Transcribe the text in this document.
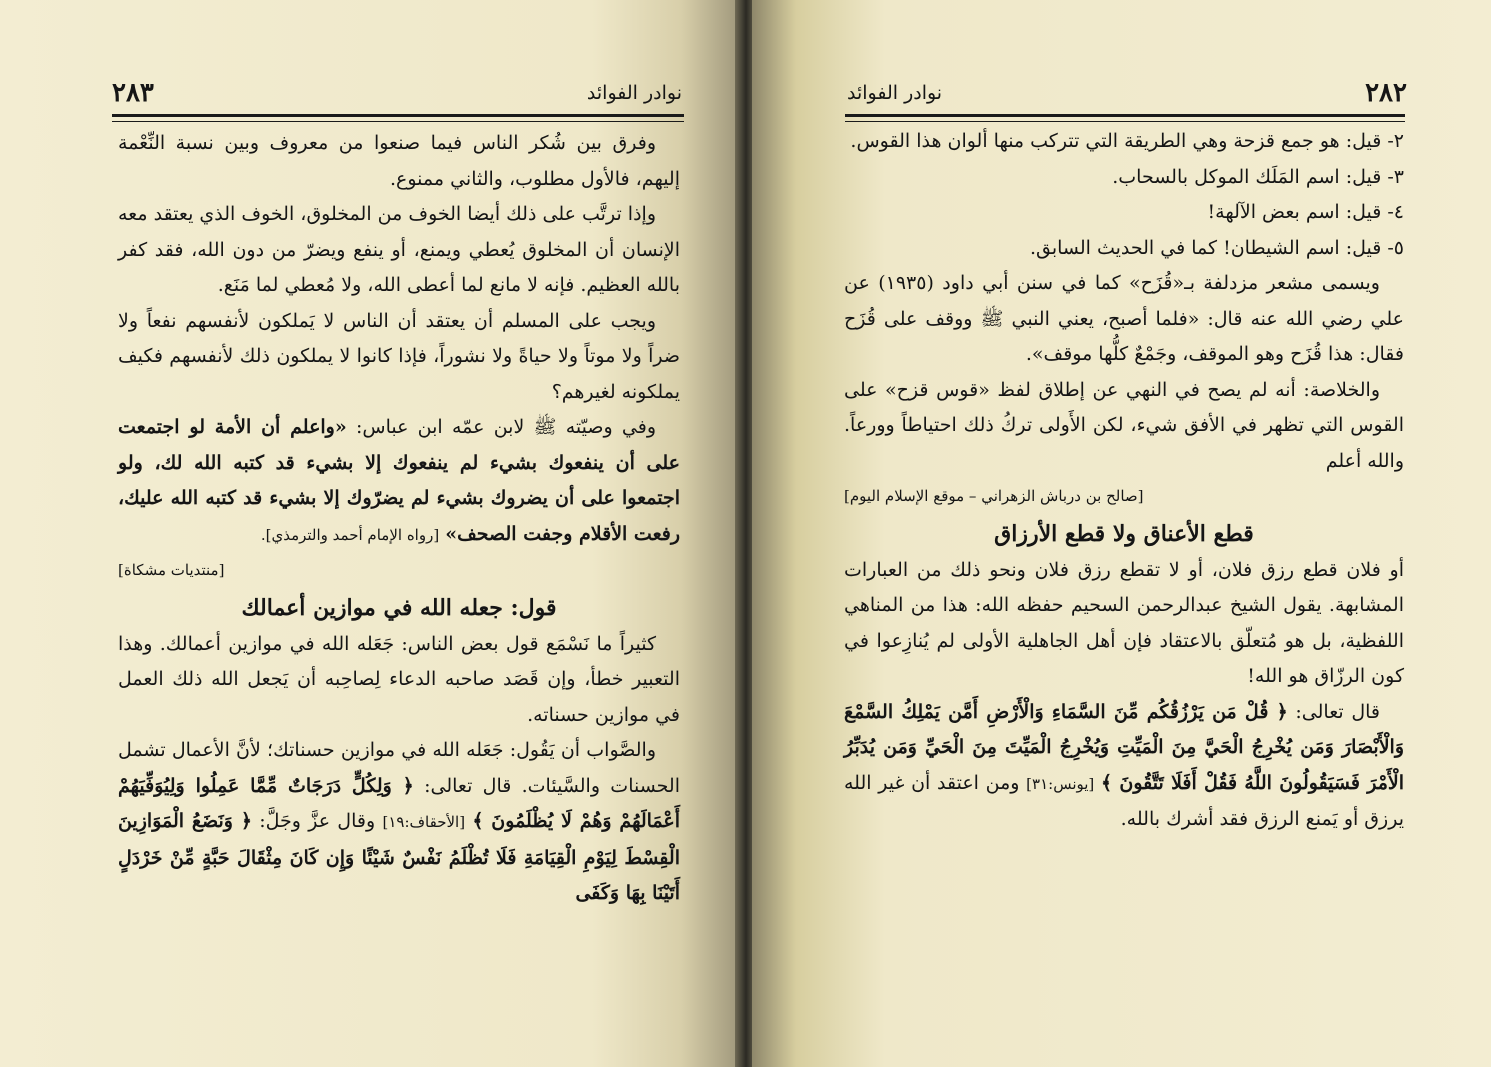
٢٨٣	نوادر الفوائد

وفرق بين شُكر الناس فيما صنعوا من معروف وبين نسبة النِّعْمة إليهم، فالأول مطلوب، والثاني ممنوع.

وإذا ترتَّب على ذلك أيضا الخوف من المخلوق، الخوف الذي يعتقد معه الإنسان أن المخلوق يُعطي ويمنع، أو ينفع ويضرّ من دون الله، فقد كفر بالله العظيم. فإنه لا مانع لما أعطى الله، ولا مُعطي لما مَنَع.

ويجب على المسلم أن يعتقد أن الناس لا يَملكون لأنفسهم نفعاً ولا ضراً ولا موتاً ولا حياةً ولا نشوراً، فإذا كانوا لا يملكون ذلك لأنفسهم فكيف يملكونه لغيرهم؟

وفي وصيّته ﷺ لابن عمّه ابن عباس: «واعلم أن الأمة لو اجتمعت على أن ينفعوك بشيء لم ينفعوك إلا بشيء قد كتبه الله لك، ولو اجتمعوا على أن يضروك بشيء لم يضرّوك إلا بشيء قد كتبه الله عليك، رفعت الأقلام وجفت الصحف» [رواه الإمام أحمد والترمذي].

[منتديات مشكاة]

قول: جعله الله في موازين أعمالك

كثيراً ما نَسْمَع قول بعض الناس: جَعَله الله في موازين أعمالك. وهذا التعبير خطأ، وإن قَصَد صاحبه الدعاء لِصاحِبه أن يَجعل الله ذلك العمل في موازين حسناته.

والصَّواب أن يَقُول: جَعَله الله في موازين حسناتك؛ لأنَّ الأعمال تشمل الحسنات والسَّيئات. قال تعالى: ﴿ وَلِكُلٍّ دَرَجَاتٌ مِّمَّا عَمِلُوا وَلِيُوَفِّيَهُمْ أَعْمَالَهُمْ وَهُمْ لَا يُظْلَمُونَ ﴾ [الأحقاف:١٩] وقال عزَّ وجَلَّ: ﴿ وَنَضَعُ الْمَوَازِينَ الْقِسْطَ لِيَوْمِ الْقِيَامَةِ فَلَا تُظْلَمُ نَفْسٌ شَيْئًا وَإِن كَانَ مِثْقَالَ حَبَّةٍ مِّنْ خَرْدَلٍ أَتَيْنَا بِهَا وَكَفَى

٢٨٢
نوادر الفوائد

٢- قيل: هو جمع قزحة وهي الطريقة التي تتركب منها ألوان هذا القوس.

٣- قيل: اسم المَلَك الموكل بالسحاب.

٤- قيل: اسم بعض الآلهة!

٥- قيل: اسم الشيطان! كما في الحديث السابق.

ويسمى مشعر مزدلفة بـ«قُزَح» كما في سنن أبي داود (١٩٣٥) عن علي رضي الله عنه قال: «فلما أصبح، يعني النبي ﷺ ووقف على قُزَح فقال: هذا قُزَح وهو الموقف، وجَمْعٌ كلُّها موقف».

والخلاصة: أنه لم يصح في النهي عن إطلاق لفظ «قوس قزح» على القوس التي تظهر في الأفق شيء، لكن الأَولى تركُ ذلك احتياطاً وورعاً. والله أعلم

[صالح بن درباش الزهراني – موقع الإسلام اليوم]

قطع الأعناق ولا قطع الأرزاق

أو فلان قطع رزق فلان، أو لا تقطع رزق فلان ونحو ذلك من العبارات المشابهة. يقول الشيخ عبدالرحمن السحيم حفظه الله: هذا من المناهي اللفظية، بل هو مُتعلّق بالاعتقاد فإن أهل الجاهلية الأولى لم يُنازِعوا في كون الرزّاق هو الله!

قال تعالى: ﴿ قُلْ مَن يَرْزُقُكُم مِّنَ السَّمَاءِ وَالْأَرْضِ أَمَّن يَمْلِكُ السَّمْعَ وَالْأَبْصَارَ وَمَن يُخْرِجُ الْحَيَّ مِنَ الْمَيِّتِ وَيُخْرِجُ الْمَيِّتَ مِنَ الْحَيِّ وَمَن يُدَبِّرُ الْأَمْرَ فَسَيَقُولُونَ اللَّهُ فَقُلْ أَفَلَا تَتَّقُونَ ﴾ [يونس:٣١] ومن اعتقد أن غير الله يرزق أو يَمنع الرزق فقد أشرك بالله.
